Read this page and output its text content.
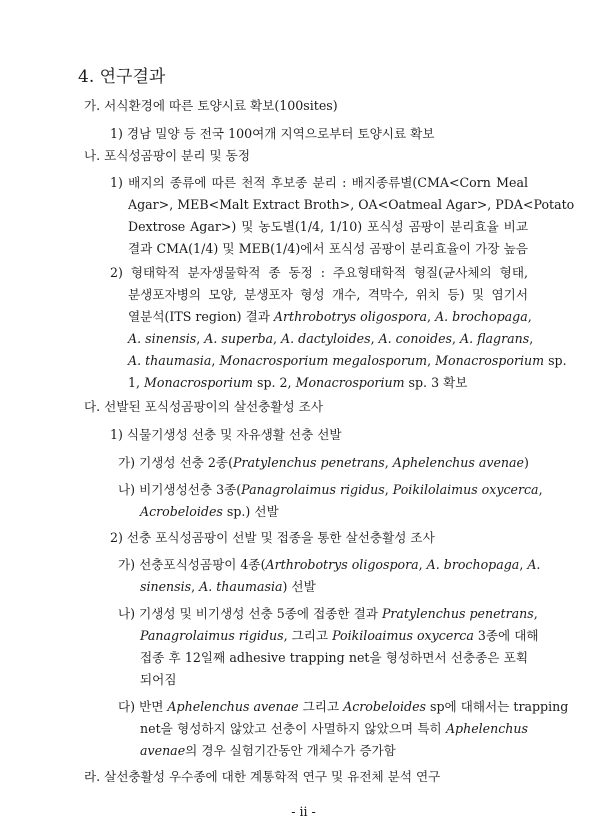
4. 연구결과
가. 서식환경에 따른 토양시료 확보(100sites)
1) 경남 밀양 등 전국 100여개 지역으로부터 토양시료 확보
나. 포식성곰팡이 분리 및 동정
1) 배지의 종류에 따른 천적 후보종 분리 : 배지종류별(CMA<Corn Meal
Agar>, MEB<Malt Extract Broth>, OA<Oatmeal Agar>, PDA<Potato
Dextrose Agar>) 및 농도별(1/4, 1/10) 포식성 곰팡이 분리효율 비교
결과 CMA(1/4) 및 MEB(1/4)에서 포식성 곰팡이 분리효율이 가장 높음
2) 형태학적 분자생물학적 종 동정 : 주요형태학적 형질(균사체의 형태,
분생포자병의 모양, 분생포자 형성 개수, 격막수, 위치 등) 및 염기서
열분석(ITS region) 결과 Arthrobotrys oligospora, A. brochopaga,
A. sinensis, A. superba, A. dactyloides, A. conoides, A. flagrans,
A. thaumasia, Monacrosporium megalosporum, Monacrosporium sp.
1, Monacrosporium sp. 2, Monacrosporium sp. 3 확보
다. 선발된 포식성곰팡이의 살선충활성 조사
1) 식물기생성 선충 및 자유생활 선충 선발
가) 기생성 선충 2종(Pratylenchus penetrans, Aphelenchus avenae)
나) 비기생성선충 3종(Panagrolaimus rigidus, Poikilolaimus oxycerca,
Acrobeloides sp.) 선발
2) 선충 포식성곰팡이 선발 및 접종을 통한 살선충활성 조사
가) 선충포식성곰팡이 4종(Arthrobotrys oligospora, A. brochopaga, A.
sinensis, A. thaumasia) 선발
나) 기생성 및 비기생성 선충 5종에 접종한 결과 Pratylenchus penetrans,
Panagrolaimus rigidus, 그리고 Poikiloaimus oxycerca 3종에 대해
접종 후 12일째 adhesive trapping net을 형성하면서 선충종은 포획
되어짐
다) 반면 Aphelenchus avenae 그리고 Acrobeloides sp에 대해서는 trapping
net을 형성하지 않았고 선충이 사멸하지 않았으며 특히 Aphelenchus
avenae의 경우 실험기간동안 개체수가 증가함
라. 살선충활성 우수종에 대한 계통학적 연구 및 유전체 분석 연구
- ii -
